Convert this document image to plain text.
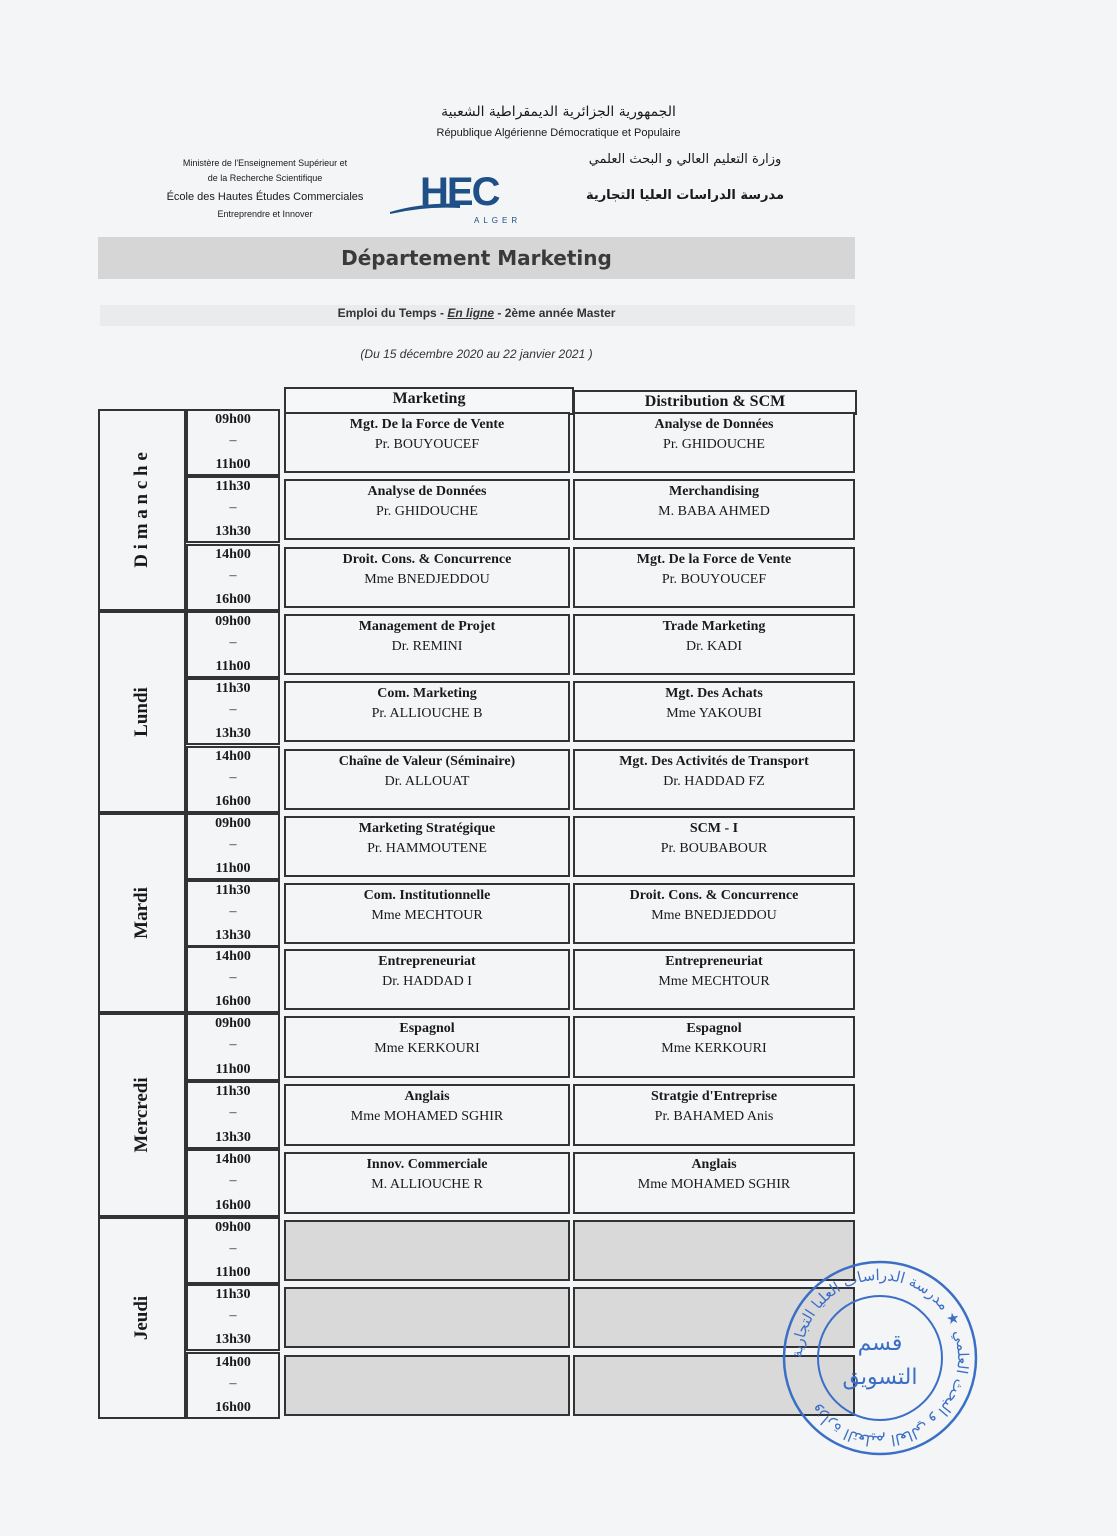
الجمهورية الجزائرية الديمقراطية الشعبية
République Algérienne Démocratique et Populaire
Ministère de l'Enseignement Supérieur et
de la Recherche Scientifique
École des Hautes Études Commerciales
Entreprendre et Innover	HEC
ALGER
وزارة التعليم العالي و البحث العلمي
مدرسة الدراسات العليا التجارية
Département Marketing
Emploi du Temps - En ligne - 2ème année Master
(Du 15 décembre 2020 au 22 janvier 2021 )
Marketing	Distribution & SCM
D i m a n c h e
09h00
–
11h00
Mgt. De la Force de Vente
Pr. BOUYOUCEF
Analyse de Données
Pr. GHIDOUCHE
11h30
–
13h30
Analyse de Données
Pr. GHIDOUCHE
Merchandising
M. BABA AHMED
14h00
–
16h00
Droit. Cons. & Concurrence
Mme BNEDJEDDOU
Mgt. De la Force de Vente
Pr. BOUYOUCEF
Lundi
09h00
–
11h00
Management de Projet
Dr. REMINI
Trade Marketing
Dr. KADI
11h30
–
13h30
Com. Marketing
Pr. ALLIOUCHE B
Mgt. Des Achats
Mme YAKOUBI
14h00
–
16h00
Chaîne de Valeur (Séminaire)
Dr. ALLOUAT
Mgt. Des Activités de Transport
Dr. HADDAD FZ
Mardi
09h00
–
11h00
Marketing Stratégique
Pr. HAMMOUTENE
SCM - I
Pr. BOUBABOUR
11h30
–
13h30
Com. Institutionnelle
Mme MECHTOUR
Droit. Cons. & Concurrence
Mme BNEDJEDDOU
14h00
–
16h00
Entrepreneuriat
Dr. HADDAD I
Entrepreneuriat
Mme MECHTOUR
Mercredi
09h00
–
11h00
Espagnol
Mme KERKOURI
Espagnol
Mme KERKOURI
11h30
–
13h30
Anglais
Mme MOHAMED SGHIR
Stratgie d'Entreprise
Pr. BAHAMED Anis
14h00
–
16h00
Innov. Commerciale
M. ALLIOUCHE R
Anglais
Mme MOHAMED SGHIR
Jeudi
09h00
–
11h00
11h30
–
13h30
14h00
–
16h00
وزارة التعليم العالي و البحث العلمي ★ مدرسة الدراسات العليا التجارية
قسم
التسويق
